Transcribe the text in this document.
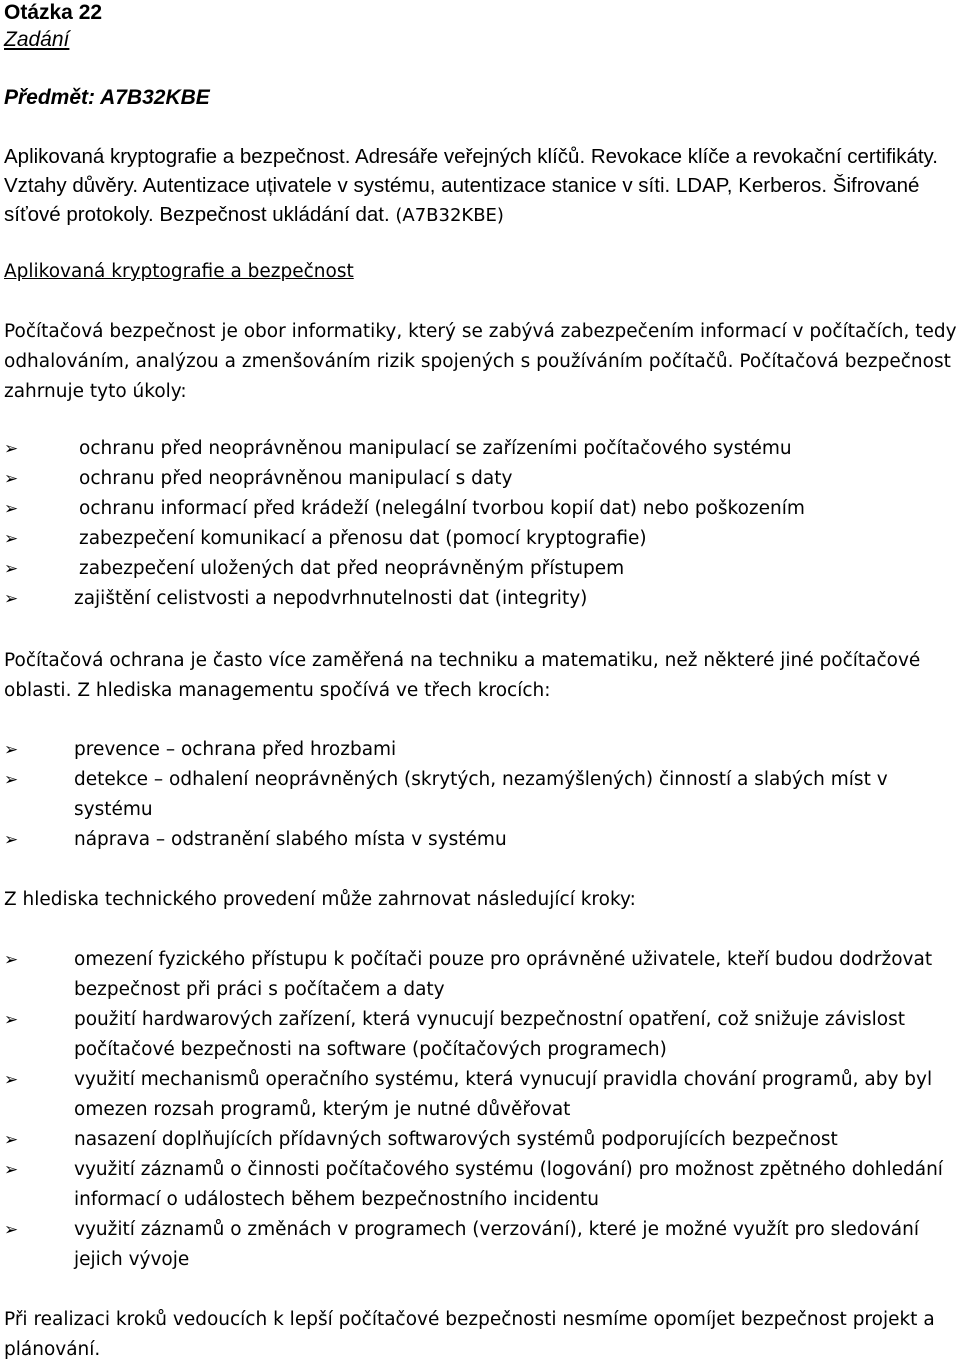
Otázka 22
Zadání
Předmět: A7B32KBE
Aplikovaná kryptografie a bezpečnost. Adresáře veřejných klíčů. Revokace klíče a revokační certifikáty. Vztahy důvěry. Autentizace uțivatele v systému, autentizace stanice v síti. LDAP, Kerberos. Šifrované síťové protokoly. Bezpečnost ukládání dat. (A7B32KBE)
Aplikovaná kryptografie a bezpečnost
Počítačová bezpečnost je obor informatiky, který se zabývá zabezpečením informací v počítačích, tedy odhalováním, analýzou a zmenšováním rizik spojených s používáním počítačů. Počítačová bezpečnost zahrnuje tyto úkoly:
➢	ochranu před neoprávněnou manipulací se zařízeními počítačového systému
➢	ochranu před neoprávněnou manipulací s daty
➢	ochranu informací před krádeží (nelegální tvorbou kopií dat) nebo poškozením
➢	zabezpečení komunikací a přenosu dat (pomocí kryptografie)
➢	zabezpečení uložených dat před neoprávněným přístupem
➢	zajištění celistvosti a nepodvrhnutelnosti dat (integrity)
Počítačová ochrana je často více zaměřená na techniku a matematiku, než některé jiné počítačové oblasti. Z hlediska managementu spočívá ve třech krocích:
➢	prevence – ochrana před hrozbami
➢	detekce – odhalení neoprávněných (skrytých, nezamýšlených) činností a slabých míst v systému
➢	náprava – odstranění slabého místa v systému
Z hlediska technického provedení může zahrnovat následující kroky:
➢	omezení fyzického přístupu k počítači pouze pro oprávněné uživatele, kteří budou dodržovat bezpečnost při práci s počítačem a daty
➢	použití hardwarových zařízení, která vynucují bezpečnostní opatření, což snižuje závislost počítačové bezpečnosti na software (počítačových programech)
➢	využití mechanismů operačního systému, která vynucují pravidla chování programů, aby byl omezen rozsah programů, kterým je nutné důvěřovat
➢	nasazení doplňujících přídavných softwarových systémů podporujících bezpečnost
➢	využití záznamů o činnosti počítačového systému (logování) pro možnost zpětného dohledání informací o událostech během bezpečnostního incidentu
➢	využití záznamů o změnách v programech (verzování), které je možné využít pro sledování jejich vývoje
Při realizaci kroků vedoucích k lepší počítačové bezpečnosti nesmíme opomíjet bezpečnost projekt a plánování.
